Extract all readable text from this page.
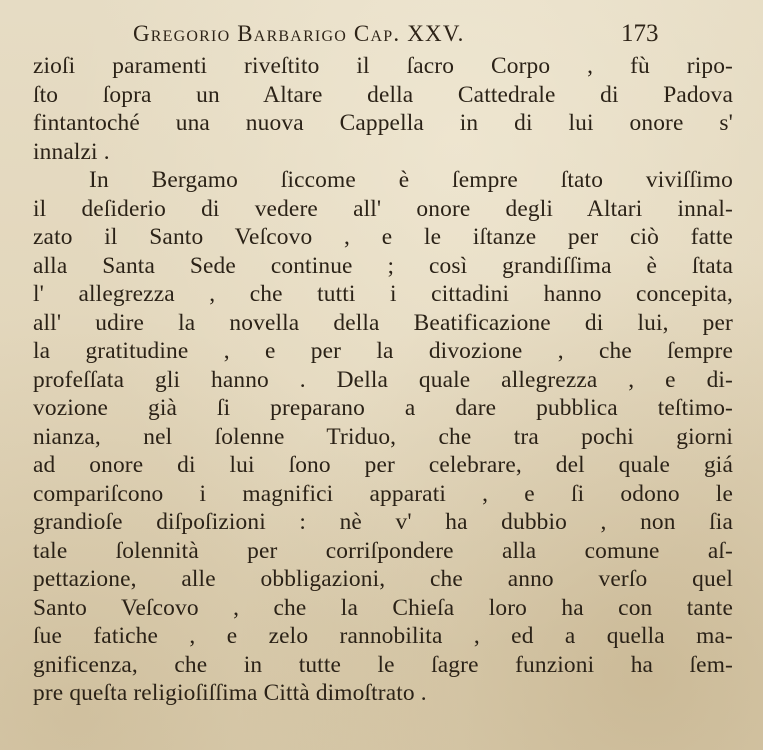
Gregorio Barbarigo Cap. XXV.	173
zioſi paramenti riveſtito il ſacro Corpo , fù ripo-
ſto ſopra un Altare della Cattedrale di Padova
fintantoché una nuova Cappella in di lui onore s'
innalzi .
In Bergamo ſiccome è ſempre ſtato viviſſimo
il deſiderio di vedere all' onore degli Altari innal-
zato il Santo Veſcovo , e le iſtanze per ciò fatte
alla Santa Sede continue ; così grandiſſima è ſtata
l' allegrezza , che tutti i cittadini hanno concepita,
all' udire la novella della Beatificazione di lui, per
la gratitudine , e per la divozione , che ſempre
profeſſata gli hanno . Della quale allegrezza , e di-
vozione già ſi preparano a dare pubblica teſtimo-
nianza, nel ſolenne Triduo, che tra pochi giorni
ad onore di lui ſono per celebrare, del quale giá
compariſcono i magnifici apparati , e ſi odono le
grandioſe diſpoſizioni : nè v' ha dubbio , non ſia
tale ſolennità per corriſpondere alla comune aſ-
pettazione, alle obbligazioni, che anno verſo quel
Santo Veſcovo , che la Chieſa loro ha con tante
ſue fatiche , e zelo rannobilita , ed a quella ma-
gnificenza, che in tutte le ſagre funzioni ha ſem-
pre queſta religioſiſſima Città dimoſtrato .
